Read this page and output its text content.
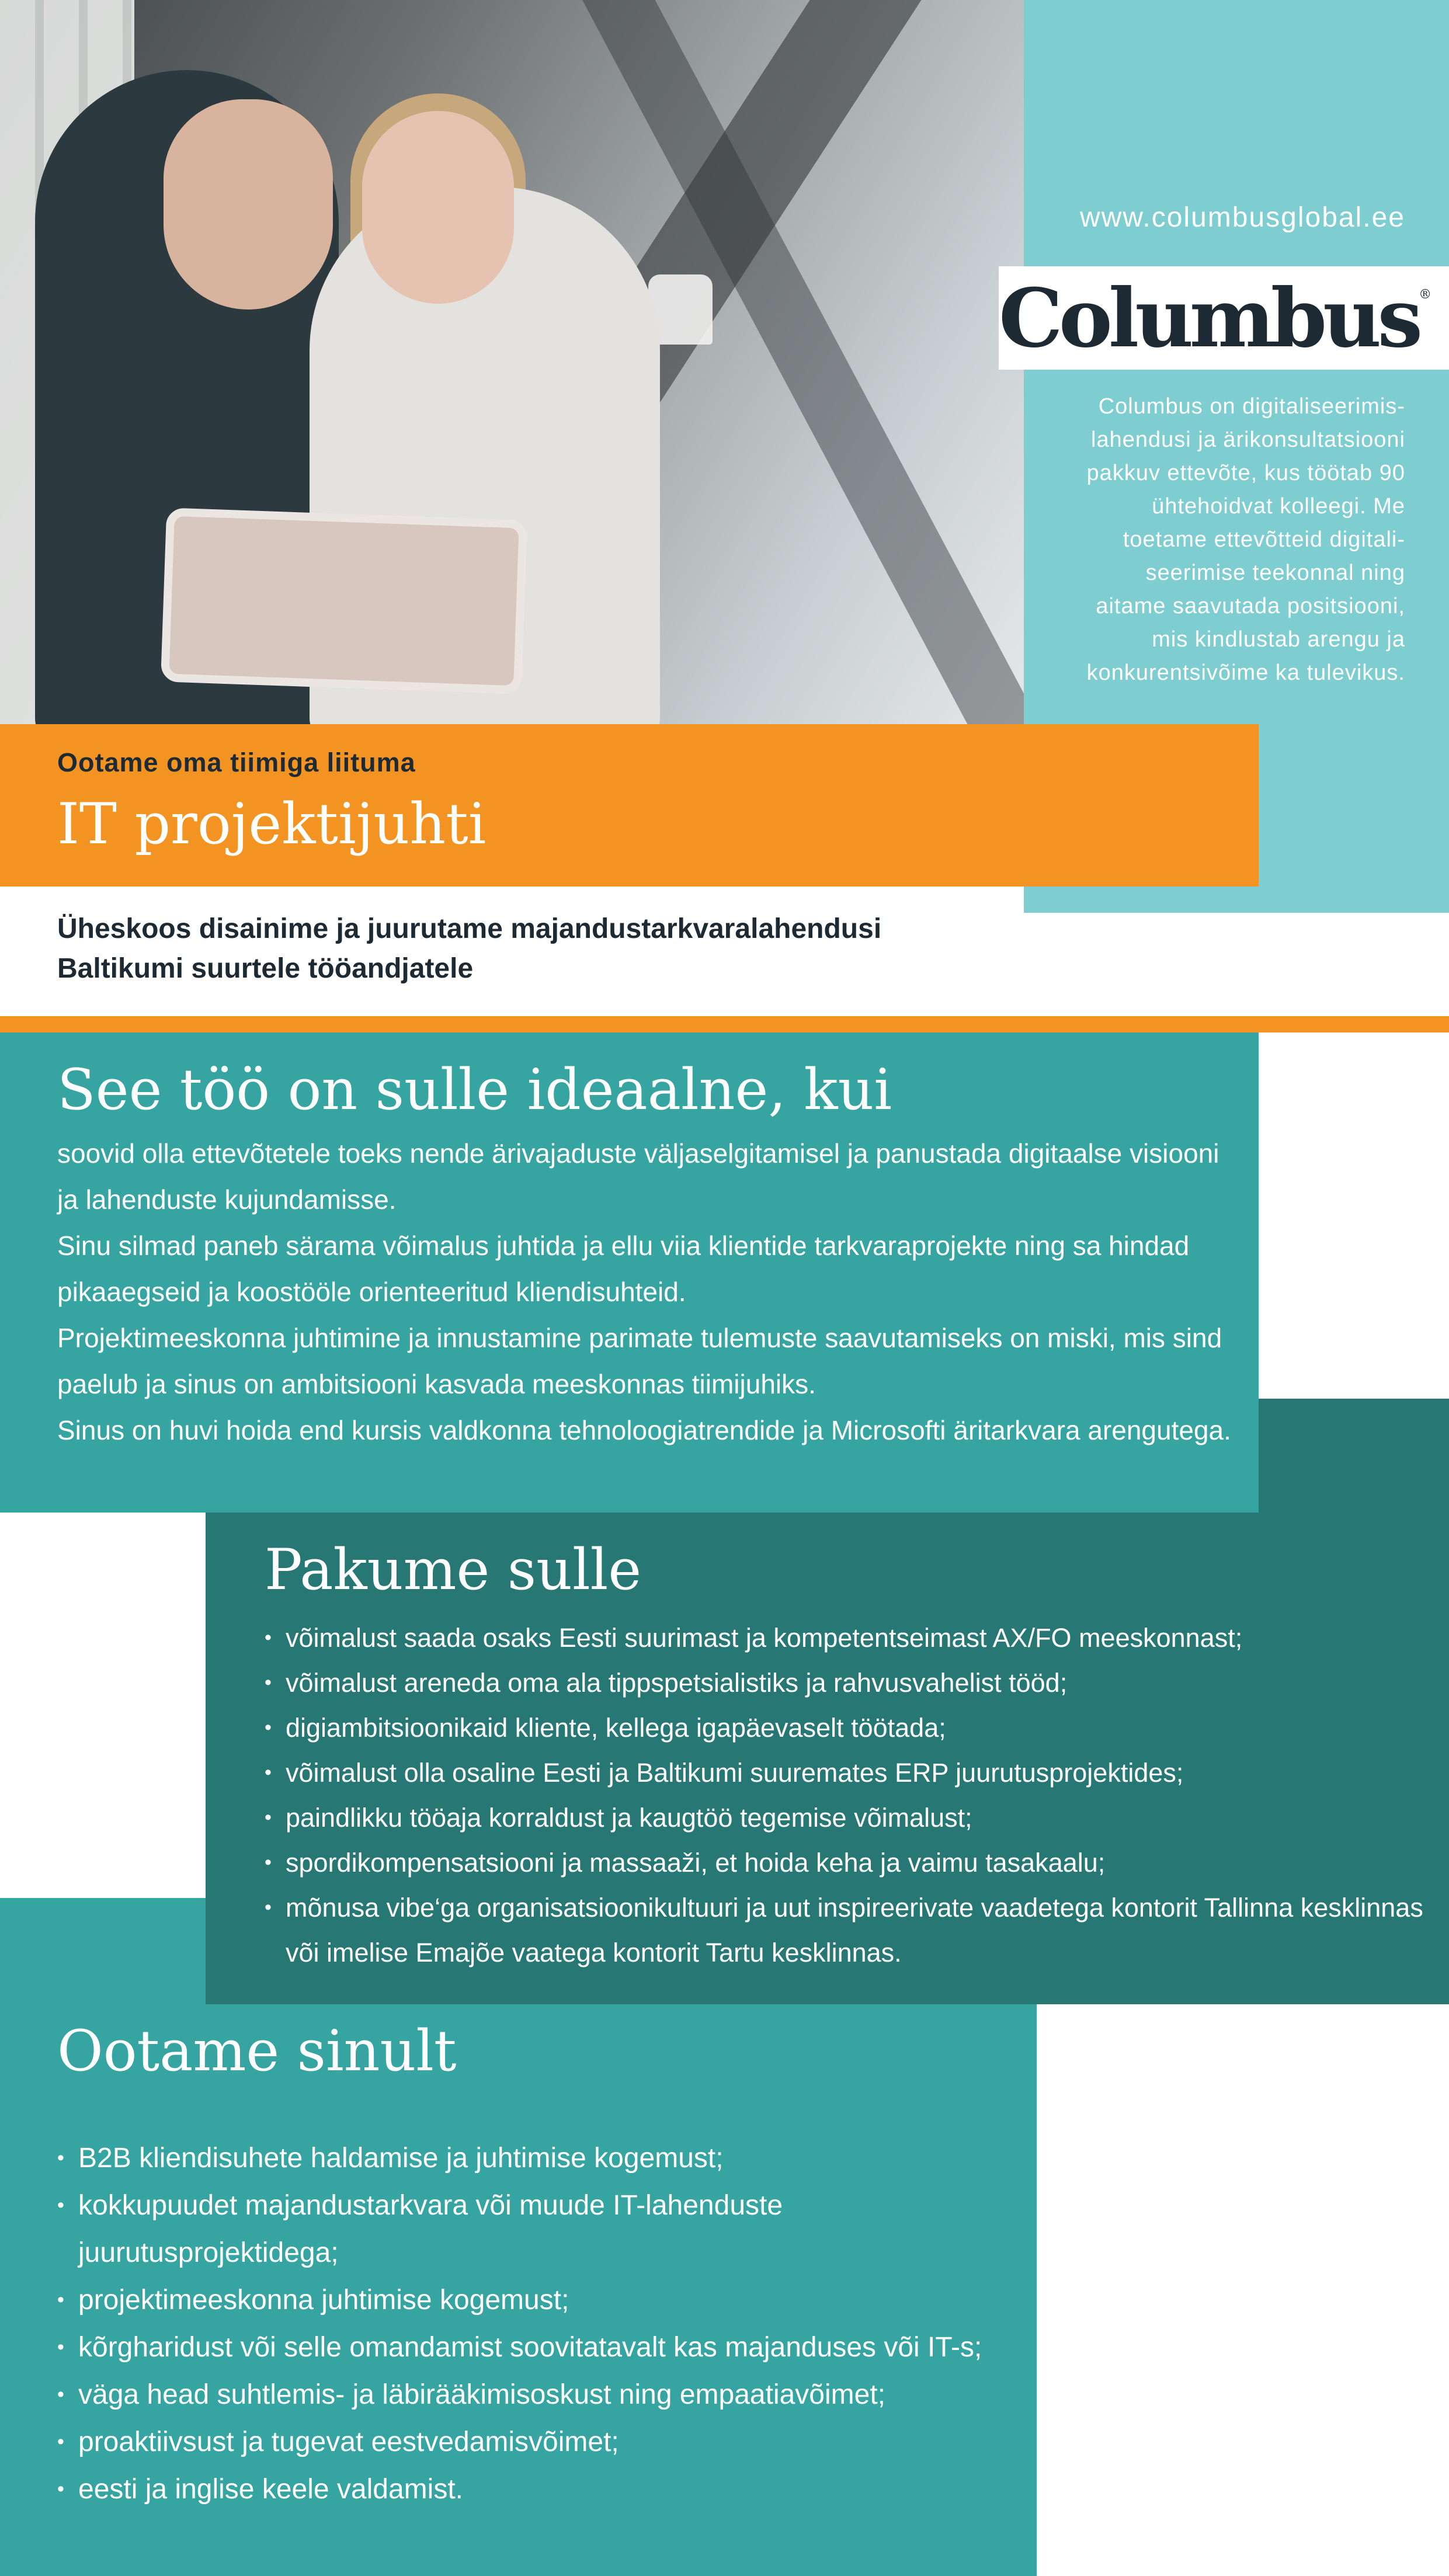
www.columbusglobal.ee
Columbus®
Columbus on digitaliseerimis-
lahendusi ja ärikonsultatsiooni
pakkuv ettevõte, kus töötab 90
ühtehoidvat kolleegi. Me
toetame ettevõtteid digitali-
seerimise teekonnal ning
aitame saavutada positsiooni,
mis kindlustab arengu ja
konkurentsivõime ka tulevikus.
Ootame oma tiimiga liituma
IT projektijuhti
Üheskoos disainime ja juurutame majandustarkvaralahendusi
Baltikumi suurtele tööandjatele
See töö on sulle ideaalne, kui

soovid olla ettevõtetele toeks nende ärivajaduste väljaselgitamisel ja panustada digitaalse visiooni ja lahenduste kujundamisse.

Sinu silmad paneb särama võimalus juhtida ja ellu viia klientide tarkvaraprojekte ning sa hindad pikaaegseid ja koostööle orienteeritud kliendisuhteid.

Projektimeeskonna juhtimine ja innustamine parimate tulemuste saavutamiseks on miski, mis sind paelub ja sinus on ambitsiooni kasvada meeskonnas tiimijuhiks.

Sinus on huvi hoida end kursis valdkonna tehnoloogiatrendide ja Microsofti äritarkvara arengutega.

Pakume sulle
• võimalust saada osaks Eesti suurimast ja kompetentseimast AX/FO meeskonnast;
• võimalust areneda oma ala tippspetsialistiks ja rahvusvahelist tööd;
• digiambitsioonikaid kliente, kellega igapäevaselt töötada;
• võimalust olla osaline Eesti ja Baltikumi suuremates ERP juurutusprojektides;
• paindlikku tööaja korraldust ja kaugtöö tegemise võimalust;
• spordikompensatsiooni ja massaaži, et hoida keha ja vaimu tasakaalu;
• mõnusa vibe‘ga organisatsioonikultuuri ja uut inspireerivate vaadetega kontorit Tallinna kesklinnas või imelise Emajõe vaatega kontorit Tartu kesklinnas.
Ootame sinult
• B2B kliendisuhete haldamise ja juhtimise kogemust;
• kokkupuudet majandustarkvara või muude IT-lahenduste juurutusprojektidega;
• projektimeeskonna juhtimise kogemust;
• kõrgharidust või selle omandamist soovitatavalt kas majanduses või IT-s;
• väga head suhtlemis- ja läbirääkimisoskust ning empaatiavõimet;
• proaktiivsust ja tugevat eestvedamisvõimet;
• eesti ja inglise keele valdamist.
